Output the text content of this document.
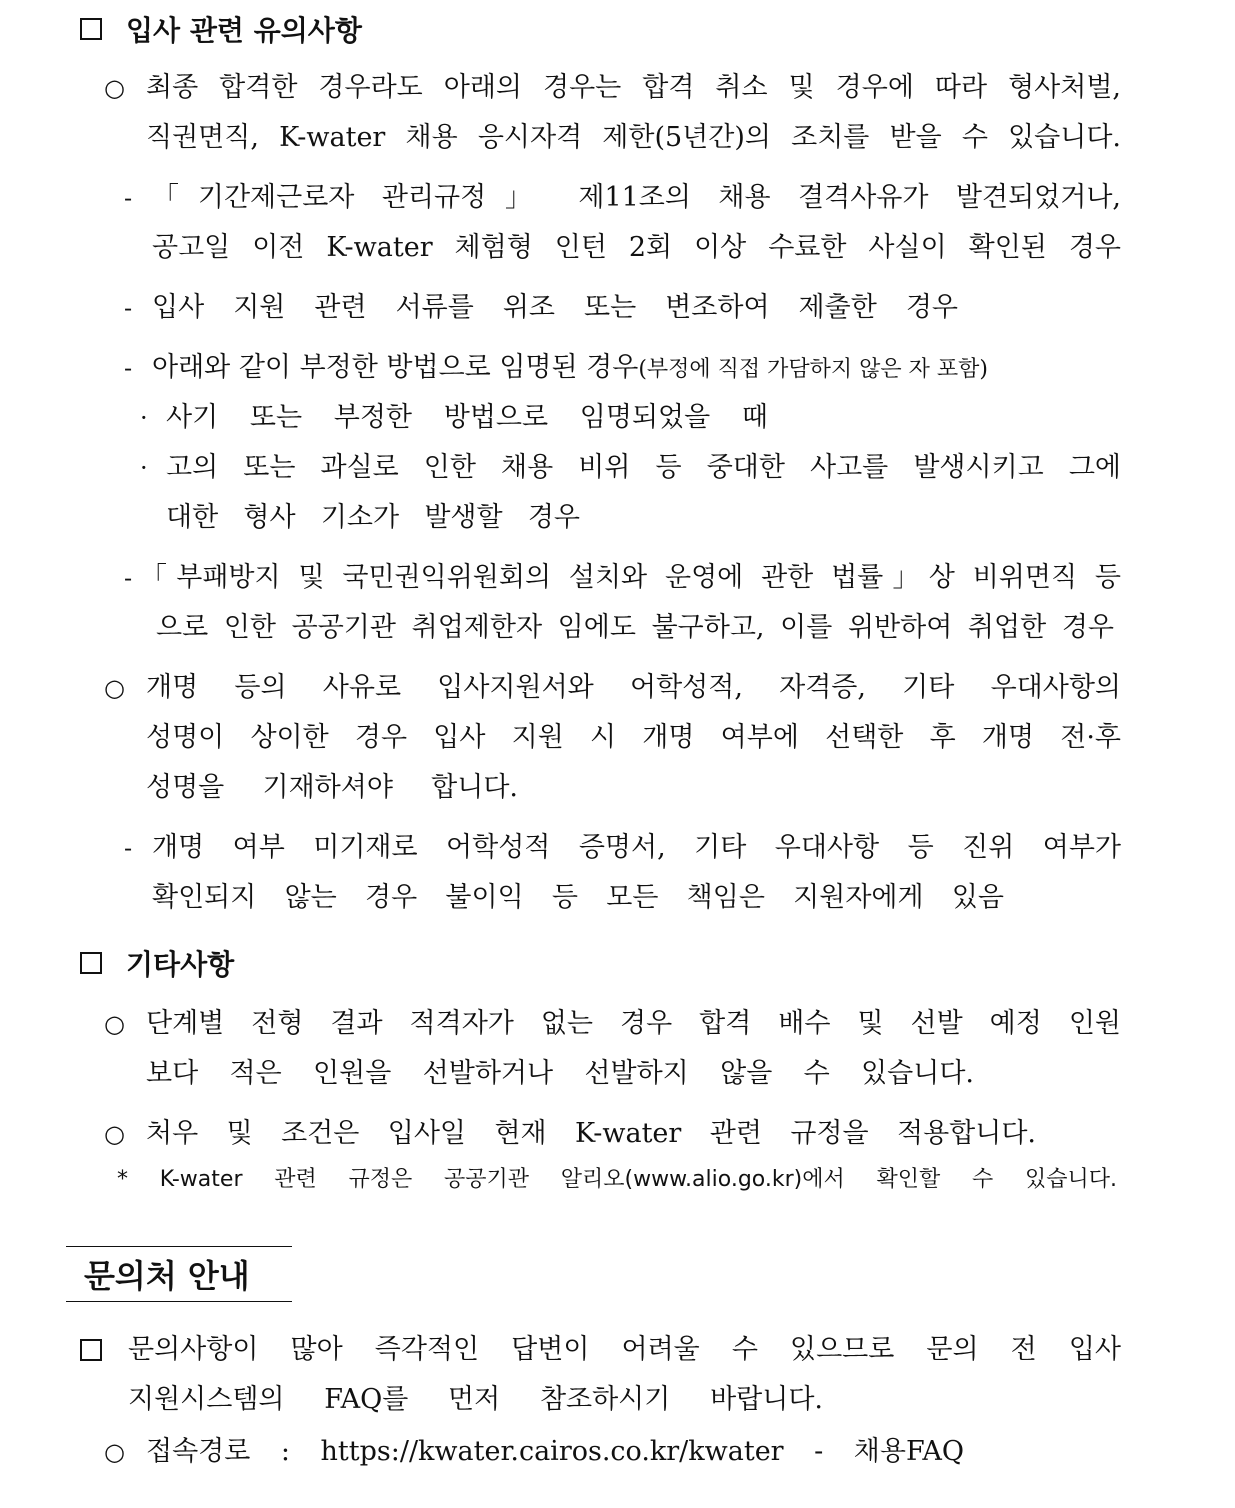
입사 관련 유의사항
○ 최종 합격한 경우라도 아래의 경우는 합격 취소 및 경우에 따라 형사처벌,
직권면직, K-water 채용 응시자격 제한(5년간)의 조치를 받을 수 있습니다.
- 「기간제근로자 관리규정」 제11조의 채용 결격사유가 발견되었거나,
공고일 이전 K-water 체험형 인턴 2회 이상 수료한 사실이 확인된 경우
- 입사 지원 관련 서류를 위조 또는 변조하여 제출한 경우
- 아래와 같이 부정한 방법으로 임명된 경우(부정에 직접 가담하지 않은 자 포함)
· 사기 또는 부정한 방법으로 임명되었을 때
· 고의 또는 과실로 인한 채용 비위 등 중대한 사고를 발생시키고 그에
대한 형사 기소가 발생할 경우
- 「부패방지 및 국민권익위원회의 설치와 운영에 관한 법률」상 비위면직 등
으로 인한 공공기관 취업제한자 임에도 불구하고, 이를 위반하여 취업한 경우
○ 개명 등의 사유로 입사지원서와 어학성적, 자격증, 기타 우대사항의
성명이 상이한 경우 입사 지원 시 개명 여부에 선택한 후 개명 전·후
성명을 기재하셔야 합니다.
- 개명 여부 미기재로 어학성적 증명서, 기타 우대사항 등 진위 여부가
확인되지 않는 경우 불이익 등 모든 책임은 지원자에게 있음
기타사항
○ 단계별 전형 결과 적격자가 없는 경우 합격 배수 및 선발 예정 인원
보다 적은 인원을 선발하거나 선발하지 않을 수 있습니다.
○ 처우 및 조건은 입사일 현재 K-water 관련 규정을 적용합니다.
* K-water 관련 규정은 공공기관 알리오(www.alio.go.kr)에서 확인할 수 있습니다.
문의처 안내
문의사항이 많아 즉각적인 답변이 어려울 수 있으므로 문의 전 입사
지원시스템의 FAQ를 먼저 참조하시기 바랍니다.
○ 접속경로 : https://kwater.cairos.co.kr/kwater - 채용FAQ
